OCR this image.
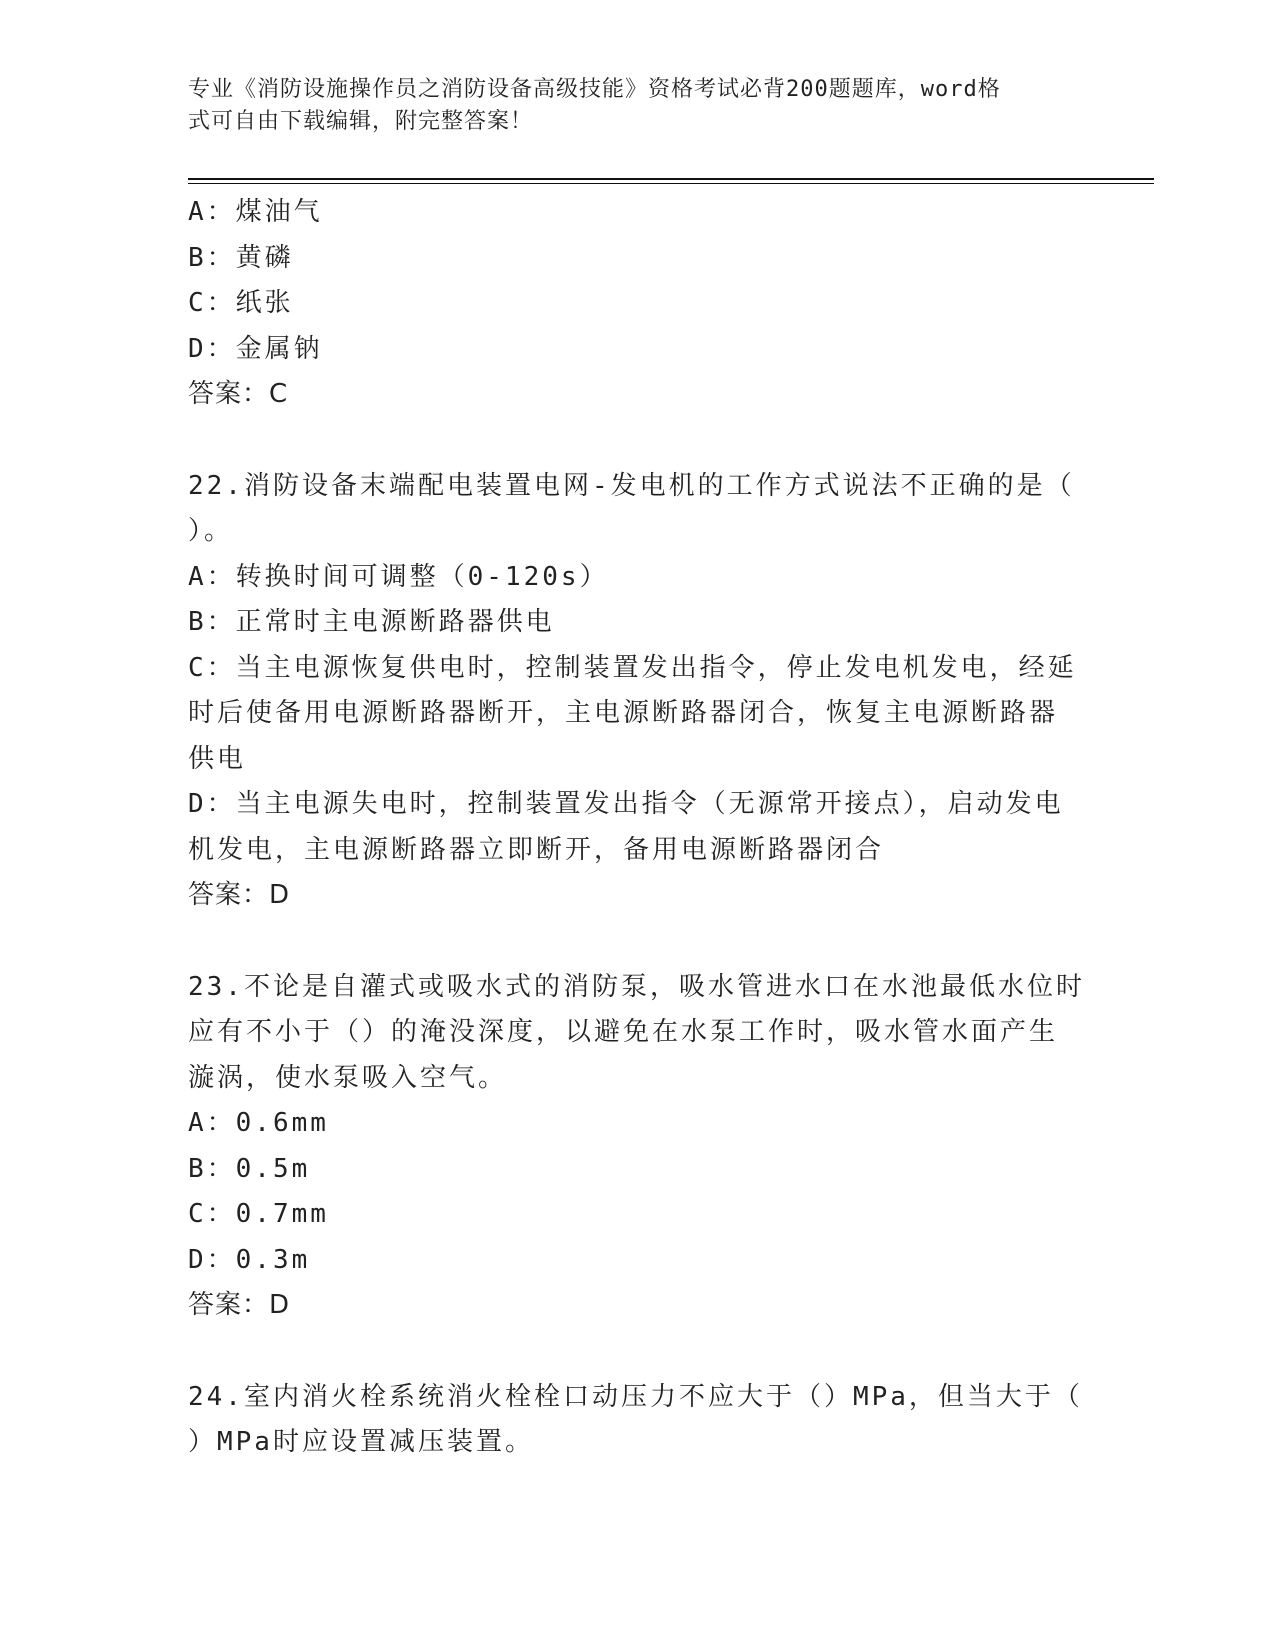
专业《消防设施操作员之消防设备高级技能》资格考试必背200题题库，word格
式可自由下载编辑，附完整答案！
A：煤油气
B：黄磷
C：纸张
D：金属钠
答案：C
22.消防设备末端配电装置电网-发电机的工作方式说法不正确的是（
）。
A：转换时间可调整（0-120s）
B：正常时主电源断路器供电
C：当主电源恢复供电时，控制装置发出指令，停止发电机发电，经延
时后使备用电源断路器断开，主电源断路器闭合，恢复主电源断路器
供电
D：当主电源失电时，控制装置发出指令（无源常开接点），启动发电
机发电，主电源断路器立即断开，备用电源断路器闭合
答案：D
23.不论是自灌式或吸水式的消防泵，吸水管进水口在水池最低水位时
应有不小于（）的淹没深度，以避免在水泵工作时，吸水管水面产生
漩涡，使水泵吸入空气。
A：0.6mm
B：0.5m
C：0.7mm
D：0.3m
答案：D
24.室内消火栓系统消火栓栓口动压力不应大于（）MPa，但当大于（
）MPa时应设置减压装置。
